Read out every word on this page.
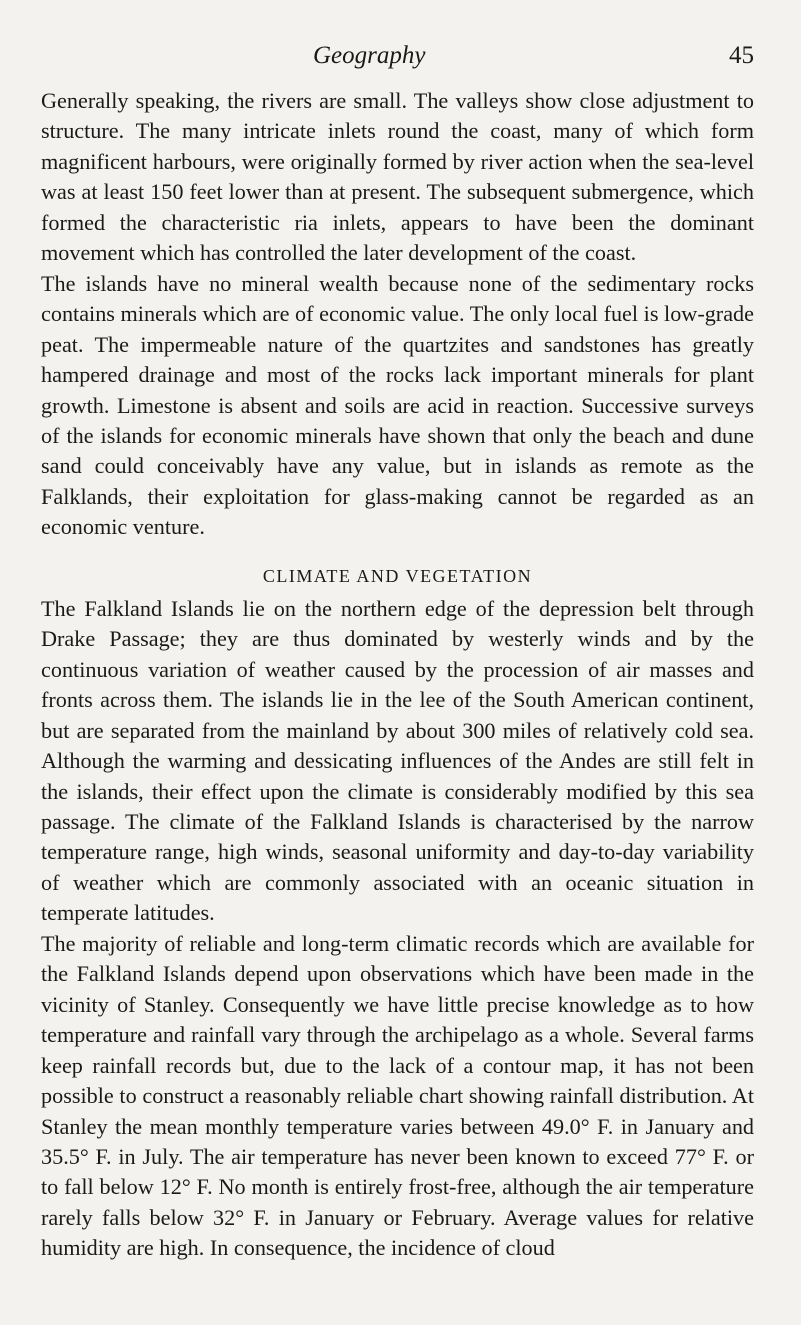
Geography	45

Generally speaking, the rivers are small. The valleys show close adjustment to structure. The many intricate inlets round the coast, many of which form magnificent harbours, were originally formed by river action when the sea-level was at least 150 feet lower than at present. The subsequent submergence, which formed the characteristic ria inlets, appears to have been the dominant movement which has controlled the later development of the coast.

The islands have no mineral wealth because none of the sedimentary rocks contains minerals which are of economic value. The only local fuel is low-grade peat. The impermeable nature of the quartzites and sandstones has greatly hampered drainage and most of the rocks lack important minerals for plant growth. Limestone is absent and soils are acid in reaction. Successive surveys of the islands for economic minerals have shown that only the beach and dune sand could conceivably have any value, but in islands as remote as the Falklands, their exploitation for glass-making cannot be regarded as an economic venture.

CLIMATE AND VEGETATION

The Falkland Islands lie on the northern edge of the depression belt through Drake Passage; they are thus dominated by westerly winds and by the continuous variation of weather caused by the procession of air masses and fronts across them. The islands lie in the lee of the South American continent, but are separated from the mainland by about 300 miles of relatively cold sea. Although the warming and dessicating influences of the Andes are still felt in the islands, their effect upon the climate is considerably modified by this sea passage. The climate of the Falkland Islands is characterised by the narrow temperature range, high winds, seasonal uniformity and day-to-day variability of weather which are commonly associated with an oceanic situation in temperate latitudes.

The majority of reliable and long-term climatic records which are available for the Falkland Islands depend upon observations which have been made in the vicinity of Stanley. Consequently we have little precise knowledge as to how temperature and rainfall vary through the archipelago as a whole. Several farms keep rainfall records but, due to the lack of a contour map, it has not been possible to construct a reasonably reliable chart showing rainfall distribution. At Stanley the mean monthly temperature varies between 49.0° F. in January and 35.5° F. in July. The air temperature has never been known to exceed 77° F. or to fall below 12° F. No month is entirely frost-free, although the air temperature rarely falls below 32° F. in January or February. Average values for relative humidity are high. In consequence, the incidence of cloud
